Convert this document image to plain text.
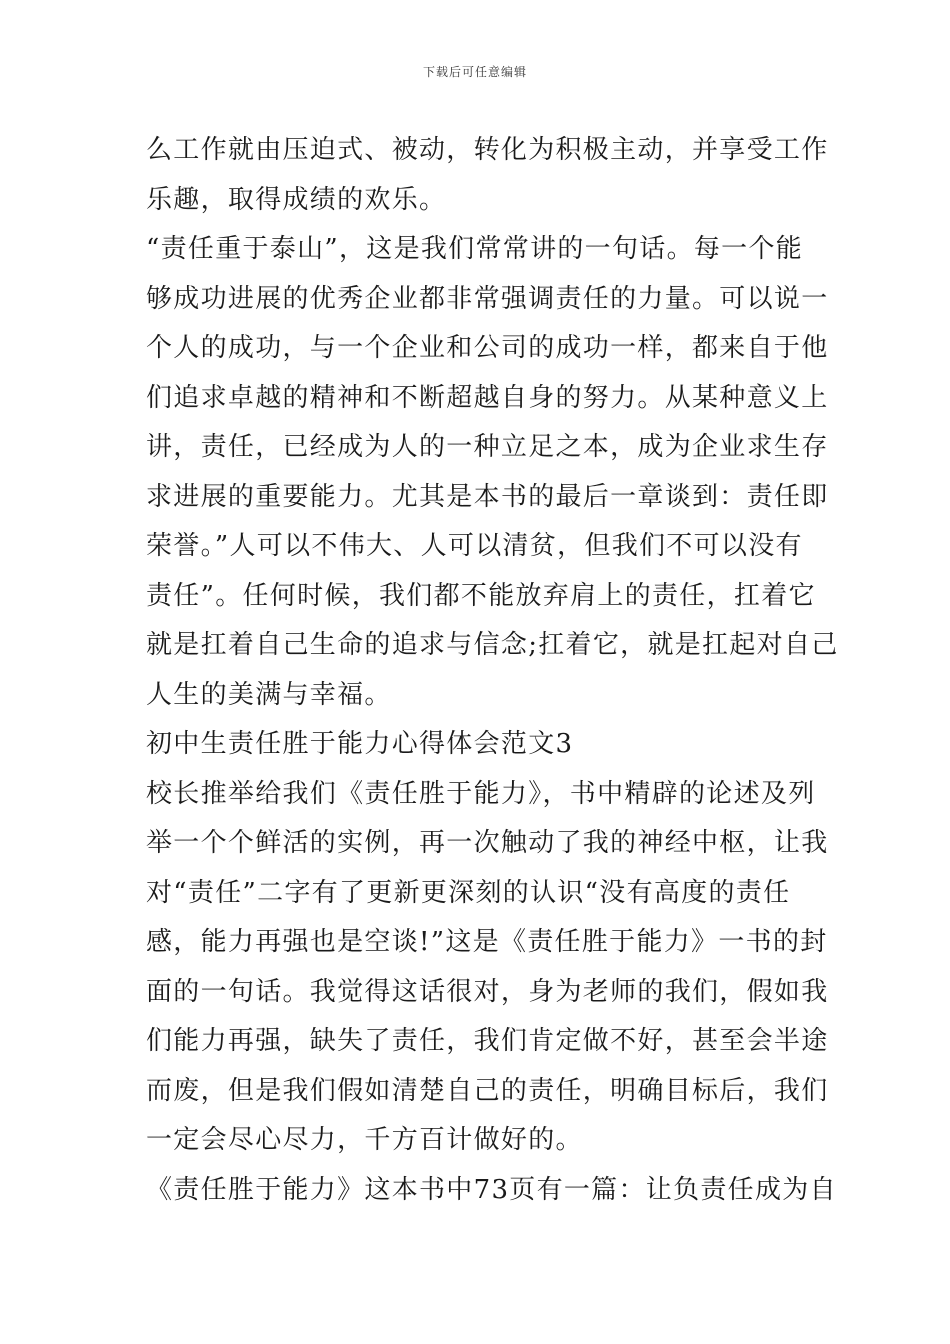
下载后可任意编辑
么工作就由压迫式、被动，转化为积极主动，并享受工作
乐趣，取得成绩的欢乐。
“责任重于泰山”，这是我们常常讲的一句话。每一个能
够成功进展的优秀企业都非常强调责任的力量。可以说一
个人的成功，与一个企业和公司的成功一样，都来自于他
们追求卓越的精神和不断超越自身的努力。从某种意义上
讲，责任，已经成为人的一种立足之本，成为企业求生存
求进展的重要能力。尤其是本书的最后一章谈到：责任即
荣誉。”人可以不伟大、人可以清贫，但我们不可以没有
责任”。任何时候，我们都不能放弃肩上的责任，扛着它
就是扛着自己生命的追求与信念;扛着它，就是扛起对自己
人生的美满与幸福。
初中生责任胜于能力心得体会范文3
校长推举给我们《责任胜于能力》，书中精辟的论述及列
举一个个鲜活的实例，再一次触动了我的神经中枢，让我
对“责任”二字有了更新更深刻的认识“没有高度的责任
感，能力再强也是空谈!”这是《责任胜于能力》一书的封
面的一句话。我觉得这话很对，身为老师的我们，假如我
们能力再强，缺失了责任，我们肯定做不好，甚至会半途
而废，但是我们假如清楚自己的责任，明确目标后，我们
一定会尽心尽力，千方百计做好的。
《责任胜于能力》这本书中73页有一篇：让负责任成为自
